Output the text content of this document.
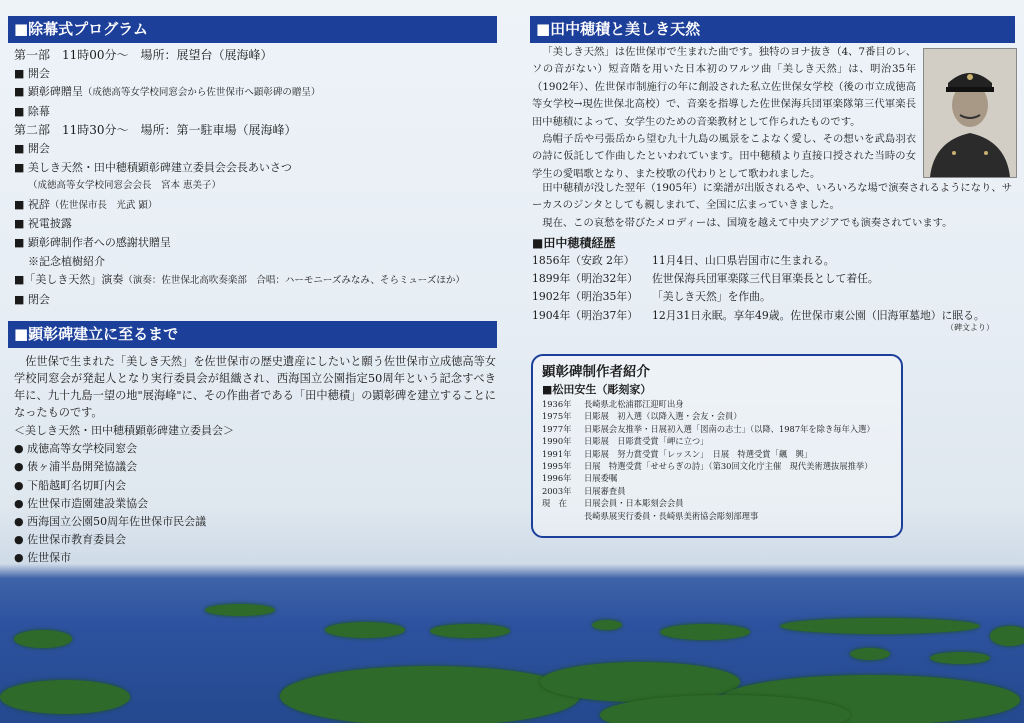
■除幕式プログラム

第一部　11時00分～　場所：展望台（展海峰）

■ 開会

■ 顕彰碑贈呈（成徳高等女学校同窓会から佐世保市へ顕彰碑の贈呈）

■ 除幕

第二部　11時30分～　場所：第一駐車場（展海峰）

■ 開会

■ 美しき天然・田中穂積顕彰碑建立委員会会長あいさつ

（成徳高等女学校同窓会会長　宮本 恵美子）

■ 祝辞（佐世保市長　光武 顕）

■ 祝電披露

■ 顕彰碑制作者への感謝状贈呈

※記念植樹紹介

■「美しき天然」演奏（演奏：佐世保北高吹奏楽部　合唱：ハーモニーズみなみ、そらミューズほか）

■ 閉会

■顕彰碑建立に至るまで

佐世保で生まれた「美しき天然」を佐世保市の歴史遺産にしたいと願う佐世保市立成徳高等女学校同窓会が発起人となり実行委員会が組織され、西海国立公園指定50周年という記念すべき年に、九十九島一望の地"展海峰"に、その作曲者である「田中穂積」の顕彰碑を建立することになったものです。

＜美しき天然・田中穂積顕彰碑建立委員会＞

● 成徳高等女学校同窓会

● 俵ヶ浦半島開発協議会

● 下船越町名切町内会

● 佐世保市造園建設業協会

● 西海国立公園50周年佐世保市民会議

● 佐世保市教育委員会

● 佐世保市

■田中穂積と美しき天然

「美しき天然」は佐世保市で生まれた曲です。独特のヨナ抜き（4、7番目のレ、ソの音がない）短音階を用いた日本初のワルツ曲「美しき天然」は、明治35年（1902年）、佐世保市制施行の年に創設された私立佐世保女学校（後の市立成徳高等女学校→現佐世保北高校）で、音楽を指導した佐世保海兵団軍楽隊第三代軍楽長田中穂積によって、女学生のための音楽教材として作られたものです。

烏帽子岳や弓張岳から望む九十九島の風景をこよなく愛し、その想いを武島羽衣の詩に仮託して作曲したといわれています。田中穂積より直接口授された当時の女学生の愛唱歌となり、また校歌の代わりとして歌われました。

田中穂積が没した翌年（1905年）に楽譜が出版されるや、いろいろな場で演奏されるようになり、サーカスのジンタとしても親しまれて、全国に広まっていきました。

現在、この哀愁を帯びたメロディーは、国境を越えて中央アジアでも演奏されています。

■田中穂積経歴
1856年（安政 2年） 11月4日、山口県岩国市に生まれる。
1899年（明治32年） 佐世保海兵団軍楽隊三代目軍楽長として着任。
1902年（明治35年） 「美しき天然」を作曲。
1904年（明治37年） 12月31日永眠。享年49歳。佐世保市東公園（旧海軍墓地）に眠る。
（碑文より）
顕彰碑制作者紹介
■松田安生（彫刻家）
1936年 長崎県北松浦郡江迎町出身
1975年 日彫展　初入選（以降入選・会友・会員）
1977年 日彫展会友推挙・日展初入選「図南の志士」（以降、1987年を除き毎年入選）
1990年 日彫展　日彫賞受賞「岬に立つ」
1991年 日彫展　努力賞受賞「レッスン」　日展　特選受賞「飆　興」
1995年 日展　特選受賞「せせらぎの詩」（第30回文化庁主催　現代美術選抜展推挙）
1996年 日展委嘱
2003年 日展審査員
現　在 日展会員・日本彫刻会会員
長崎県展実行委員・長崎県美術協会彫刻部理事
